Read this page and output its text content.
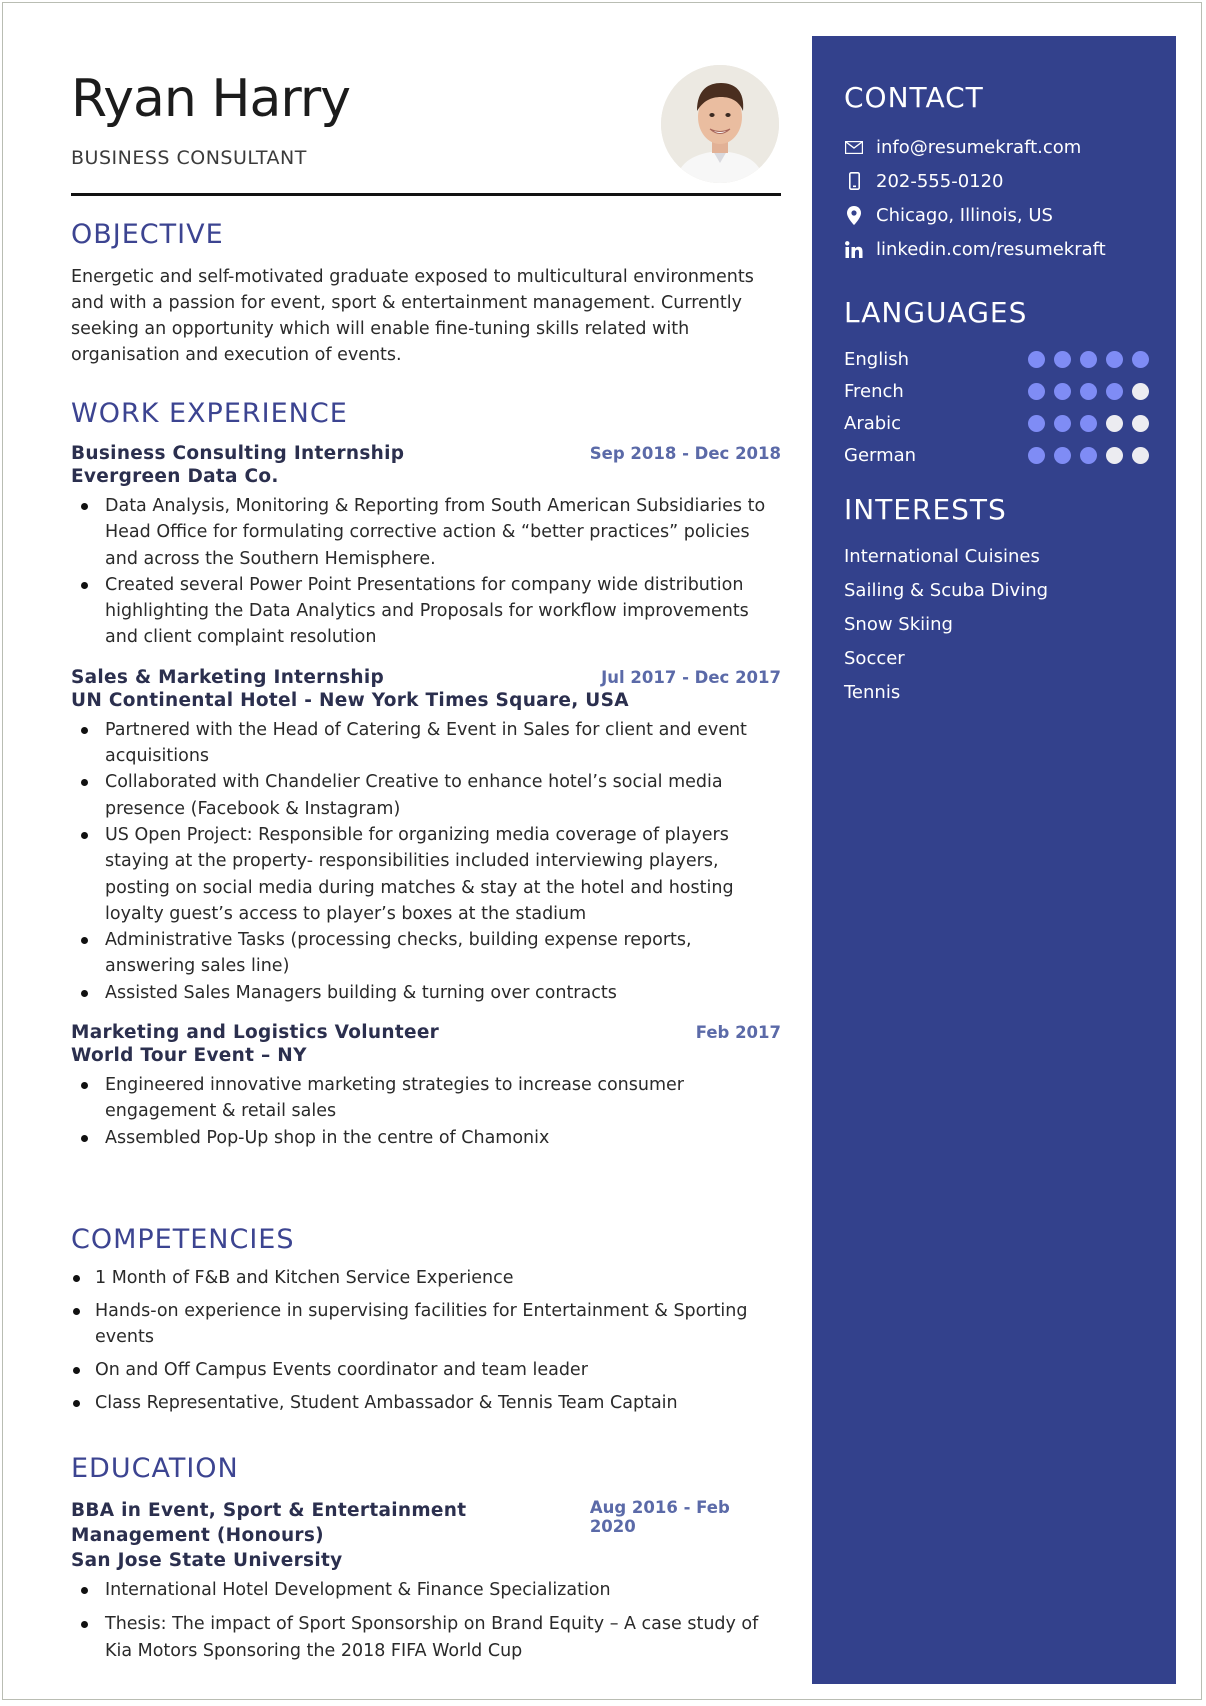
Ryan Harry
BUSINESS CONSULTANT
OBJECTIVE

Energetic and self-motivated graduate exposed to multicultural environments and with a passion for event, sport & entertainment management. Currently seeking an opportunity which will enable fine-tuning skills related with organisation and execution of events.

WORK EXPERIENCE
Business Consulting Internship	Sep 2018 - Dec 2018
Evergreen Data Co.
Data Analysis, Monitoring & Reporting from South American Subsidiaries to Head Office for formulating corrective action & “better practices” policies and across the Southern Hemisphere.
Created several Power Point Presentations for company wide distribution highlighting the Data Analytics and Proposals for workflow improvements and client complaint resolution
Sales & Marketing Internship	Jul 2017 - Dec 2017
UN Continental Hotel - New York Times Square, USA
Partnered with the Head of Catering & Event in Sales for client and event acquisitions
Collaborated with Chandelier Creative to enhance hotel’s social media presence (Facebook & Instagram)
US Open Project: Responsible for organizing media coverage of players staying at the property- responsibilities included interviewing players, posting on social media during matches & stay at the hotel and hosting loyalty guest’s access to player’s boxes at the stadium
Administrative Tasks (processing checks, building expense reports, answering sales line)
Assisted Sales Managers building & turning over contracts
Marketing and Logistics Volunteer	Feb 2017
World Tour Event – NY
Engineered innovative marketing strategies to increase consumer engagement & retail sales
Assembled Pop-Up shop in the centre of Chamonix
COMPETENCIES
1 Month of F&B and Kitchen Service Experience
Hands-on experience in supervising facilities for Entertainment & Sporting events
On and Off Campus Events coordinator and team leader
Class Representative, Student Ambassador & Tennis Team Captain
EDUCATION
BBA in Event, Sport & Entertainment Management (Honours)
Aug 2016 - Feb 2020
San Jose State University
International Hotel Development & Finance Specialization
Thesis: The impact of Sport Sponsorship on Brand Equity – A case study of Kia Motors Sponsoring the 2018 FIFA World Cup
CONTACT
info@resumekraft.com
202-555-0120
Chicago, Illinois, US
linkedin.com/resumekraft
LANGUAGES
English
French
Arabic
German
INTERESTS
International Cuisines
Sailing & Scuba Diving
Snow Skiing
Soccer
Tennis
